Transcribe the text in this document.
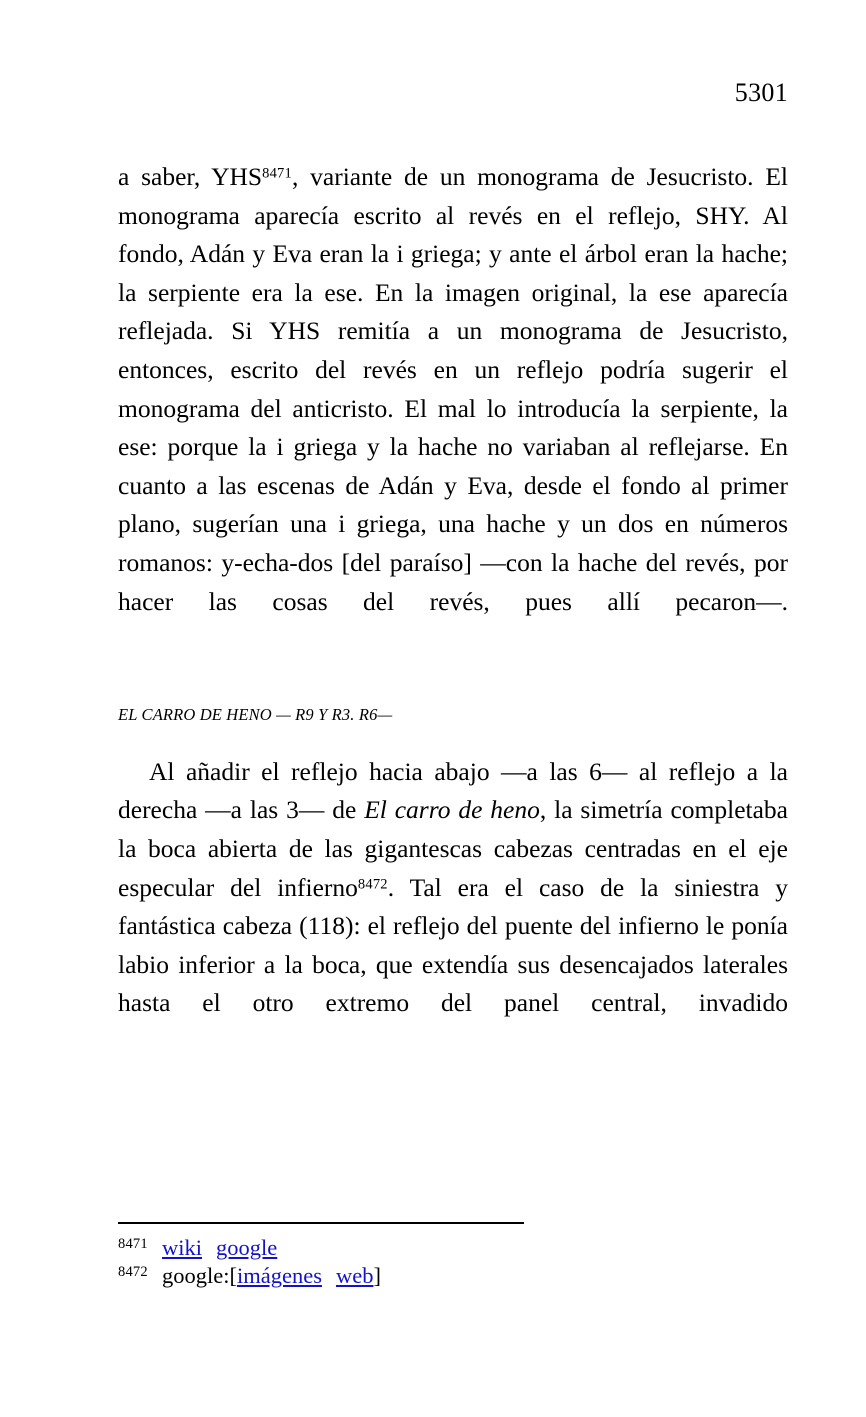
5301

a saber, YHS$^{8471}$, variante de un monograma de Jesucristo. El monograma aparecía escrito al revés en el reflejo, SHY. Al fondo, Adán y Eva eran la i griega; y ante el árbol eran la hache; la serpiente era la ese. En la imagen original, la ese aparecía reflejada. Si YHS remitía a un monograma de Jesucristo, entonces, escrito del revés en un reflejo podría sugerir el monograma del anticristo. El mal lo introducía la serpiente, la ese: porque la i griega y la hache no variaban al reflejarse. En cuanto a las escenas de Adán y Eva, desde el fondo al primer plano, sugerían una i griega, una hache y un dos en números romanos: y-echa-dos [del paraíso] —con la hache del revés, por hacer las cosas del revés, pues allí pecaron—.

EL CARRO DE HENO — R9 Y R3. R6—

Al añadir el reflejo hacia abajo —a las 6— al reflejo a la derecha —a las 3— de El carro de heno, la simetría completaba la boca abierta de las gigantescas cabezas centradas en el eje especular del infierno$^{8472}$. Tal era el caso de la siniestra y fantástica cabeza (118): el reflejo del puente del infierno le ponía labio inferior a la boca, que extendía sus desencajados laterales hasta el otro extremo del panel central, invadido

8471 wiki google
8472 google:[imágenes web]
